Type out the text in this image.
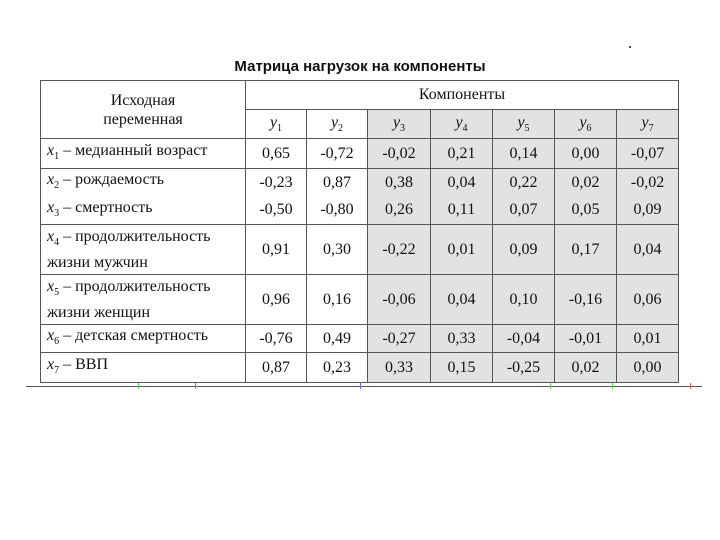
Матрица нагрузок на компоненты
Исходная
переменная	Компоненты						
	$y_1$	$y_2$	$y_3$	$y_4$	$y_5$	$y_6$	$y_7$
$x_1$ – медианный возраст	0,65	-0,72	-0,02	0,21	0,14	0,00	-0,07
$x_2$ – рождаемость	-0,23	0,87	0,38	0,04	0,22	0,02	-0,02
$x_3$ – смертность	-0,50	-0,80	0,26	0,11	0,07	0,05	0,09

$x_4$ – продолжительность
жизни мужчин	0,91	0,30	-0,22	0,01	0,09	0,17	0,04

$x_5$ – продолжительность
жизни женщин	0,96	0,16	-0,06	0,04	0,10	-0,16	0,06
$x_6$ – детская смертность	-0,76	0,49	-0,27	0,33	-0,04	-0,01	0,01
$x_7$ – ВВП	0,87	0,23	0,33	0,15	-0,25	0,02	0,00
